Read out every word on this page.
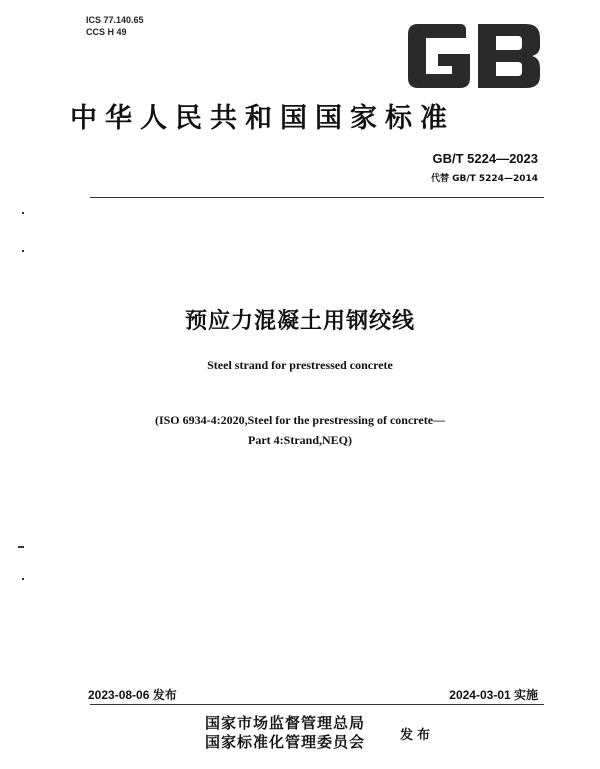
ICS 77.140.65
CCS H 49
GB
中华人民共和国国家标准
GB/T 5224—2023
代替 GB/T 5224—2014
预应力混凝土用钢绞线
Steel strand for prestressed concrete
(ISO 6934-4:2020,Steel for the prestressing of concrete—
Part 4:Strand,NEQ)
2023-08-06 发布	2024-03-01 实施
国家市场监督管理总局
国家标准化管理委员会	发布
